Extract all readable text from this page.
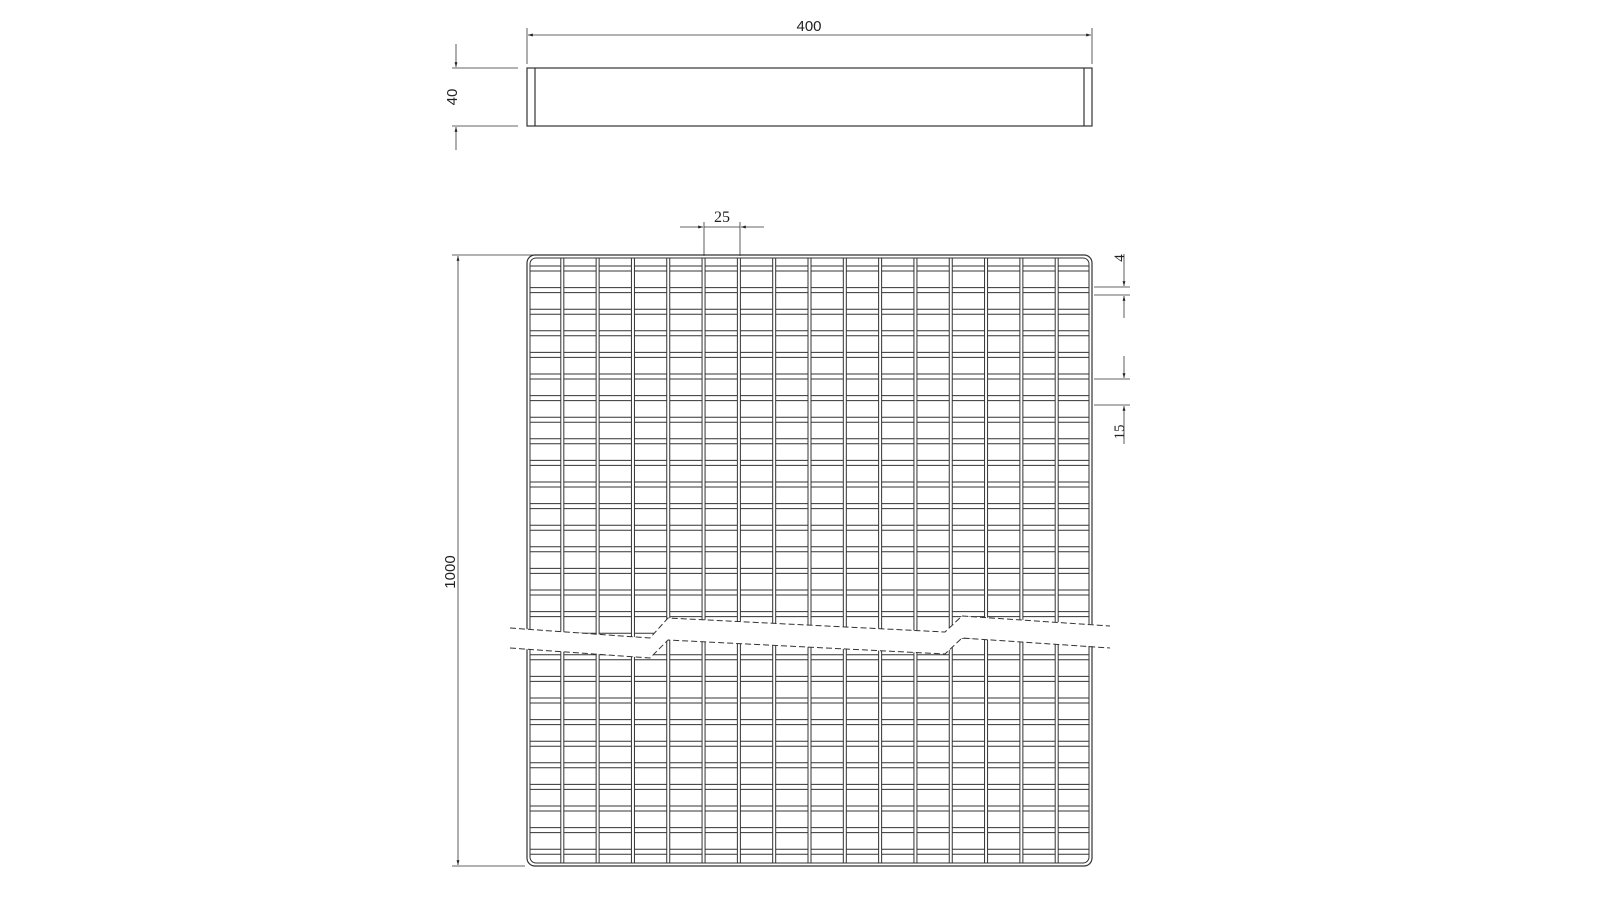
400
40
1000
25
4
15
